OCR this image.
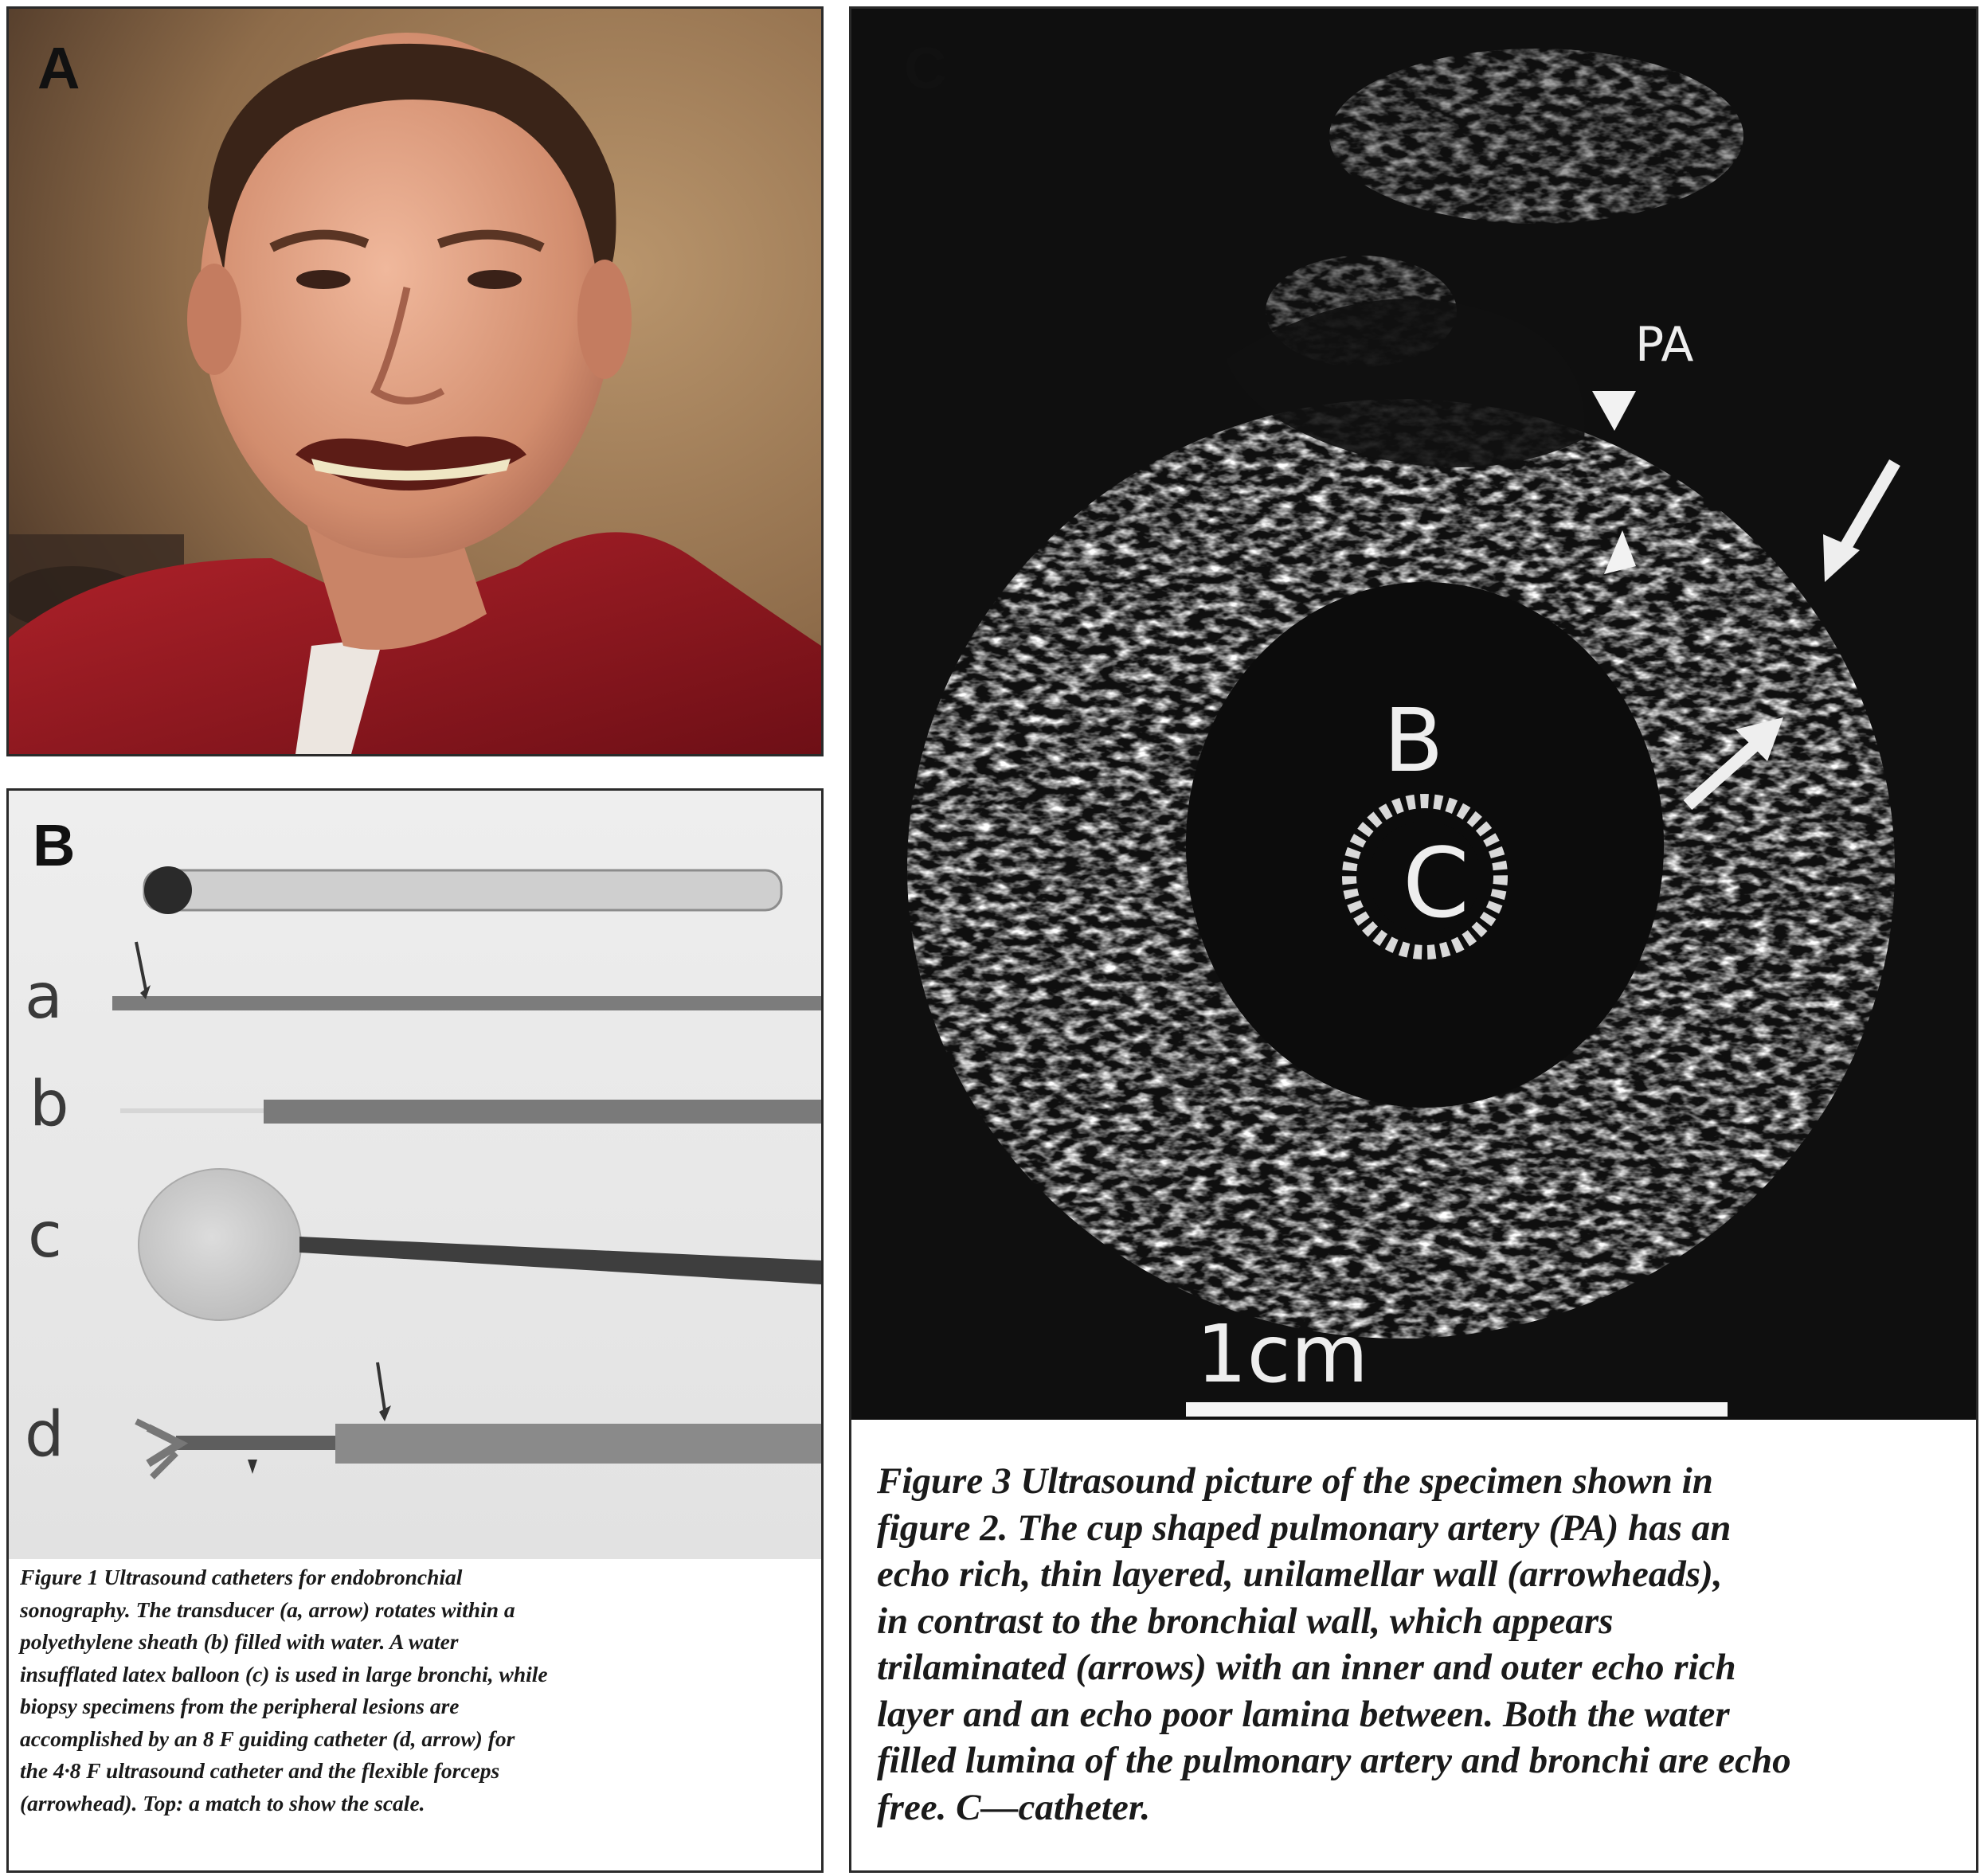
A
B
a
b
c
d

Figure 1 Ultrasound catheters for endobronchial
sonography. The transducer (a, arrow) rotates within a
polyethylene sheath (b) filled with water. A water
insufflated latex balloon (c) is used in large bronchi, while
biopsy specimens from the peripheral lesions are
accomplished by an 8 F guiding catheter (d, arrow) for
the 4·8 F ultrasound catheter and the flexible forceps
(arrowhead). Top: a match to show the scale.

C
PA
B
C
1cm

Figure 3 Ultrasound picture of the specimen shown in
figure 2. The cup shaped pulmonary artery (PA) has an
echo rich, thin layered, unilamellar wall (arrowheads),
in contrast to the bronchial wall, which appears
trilaminated (arrows) with an inner and outer echo rich
layer and an echo poor lamina between. Both the water
filled lumina of the pulmonary artery and bronchi are echo
free. C—catheter.
